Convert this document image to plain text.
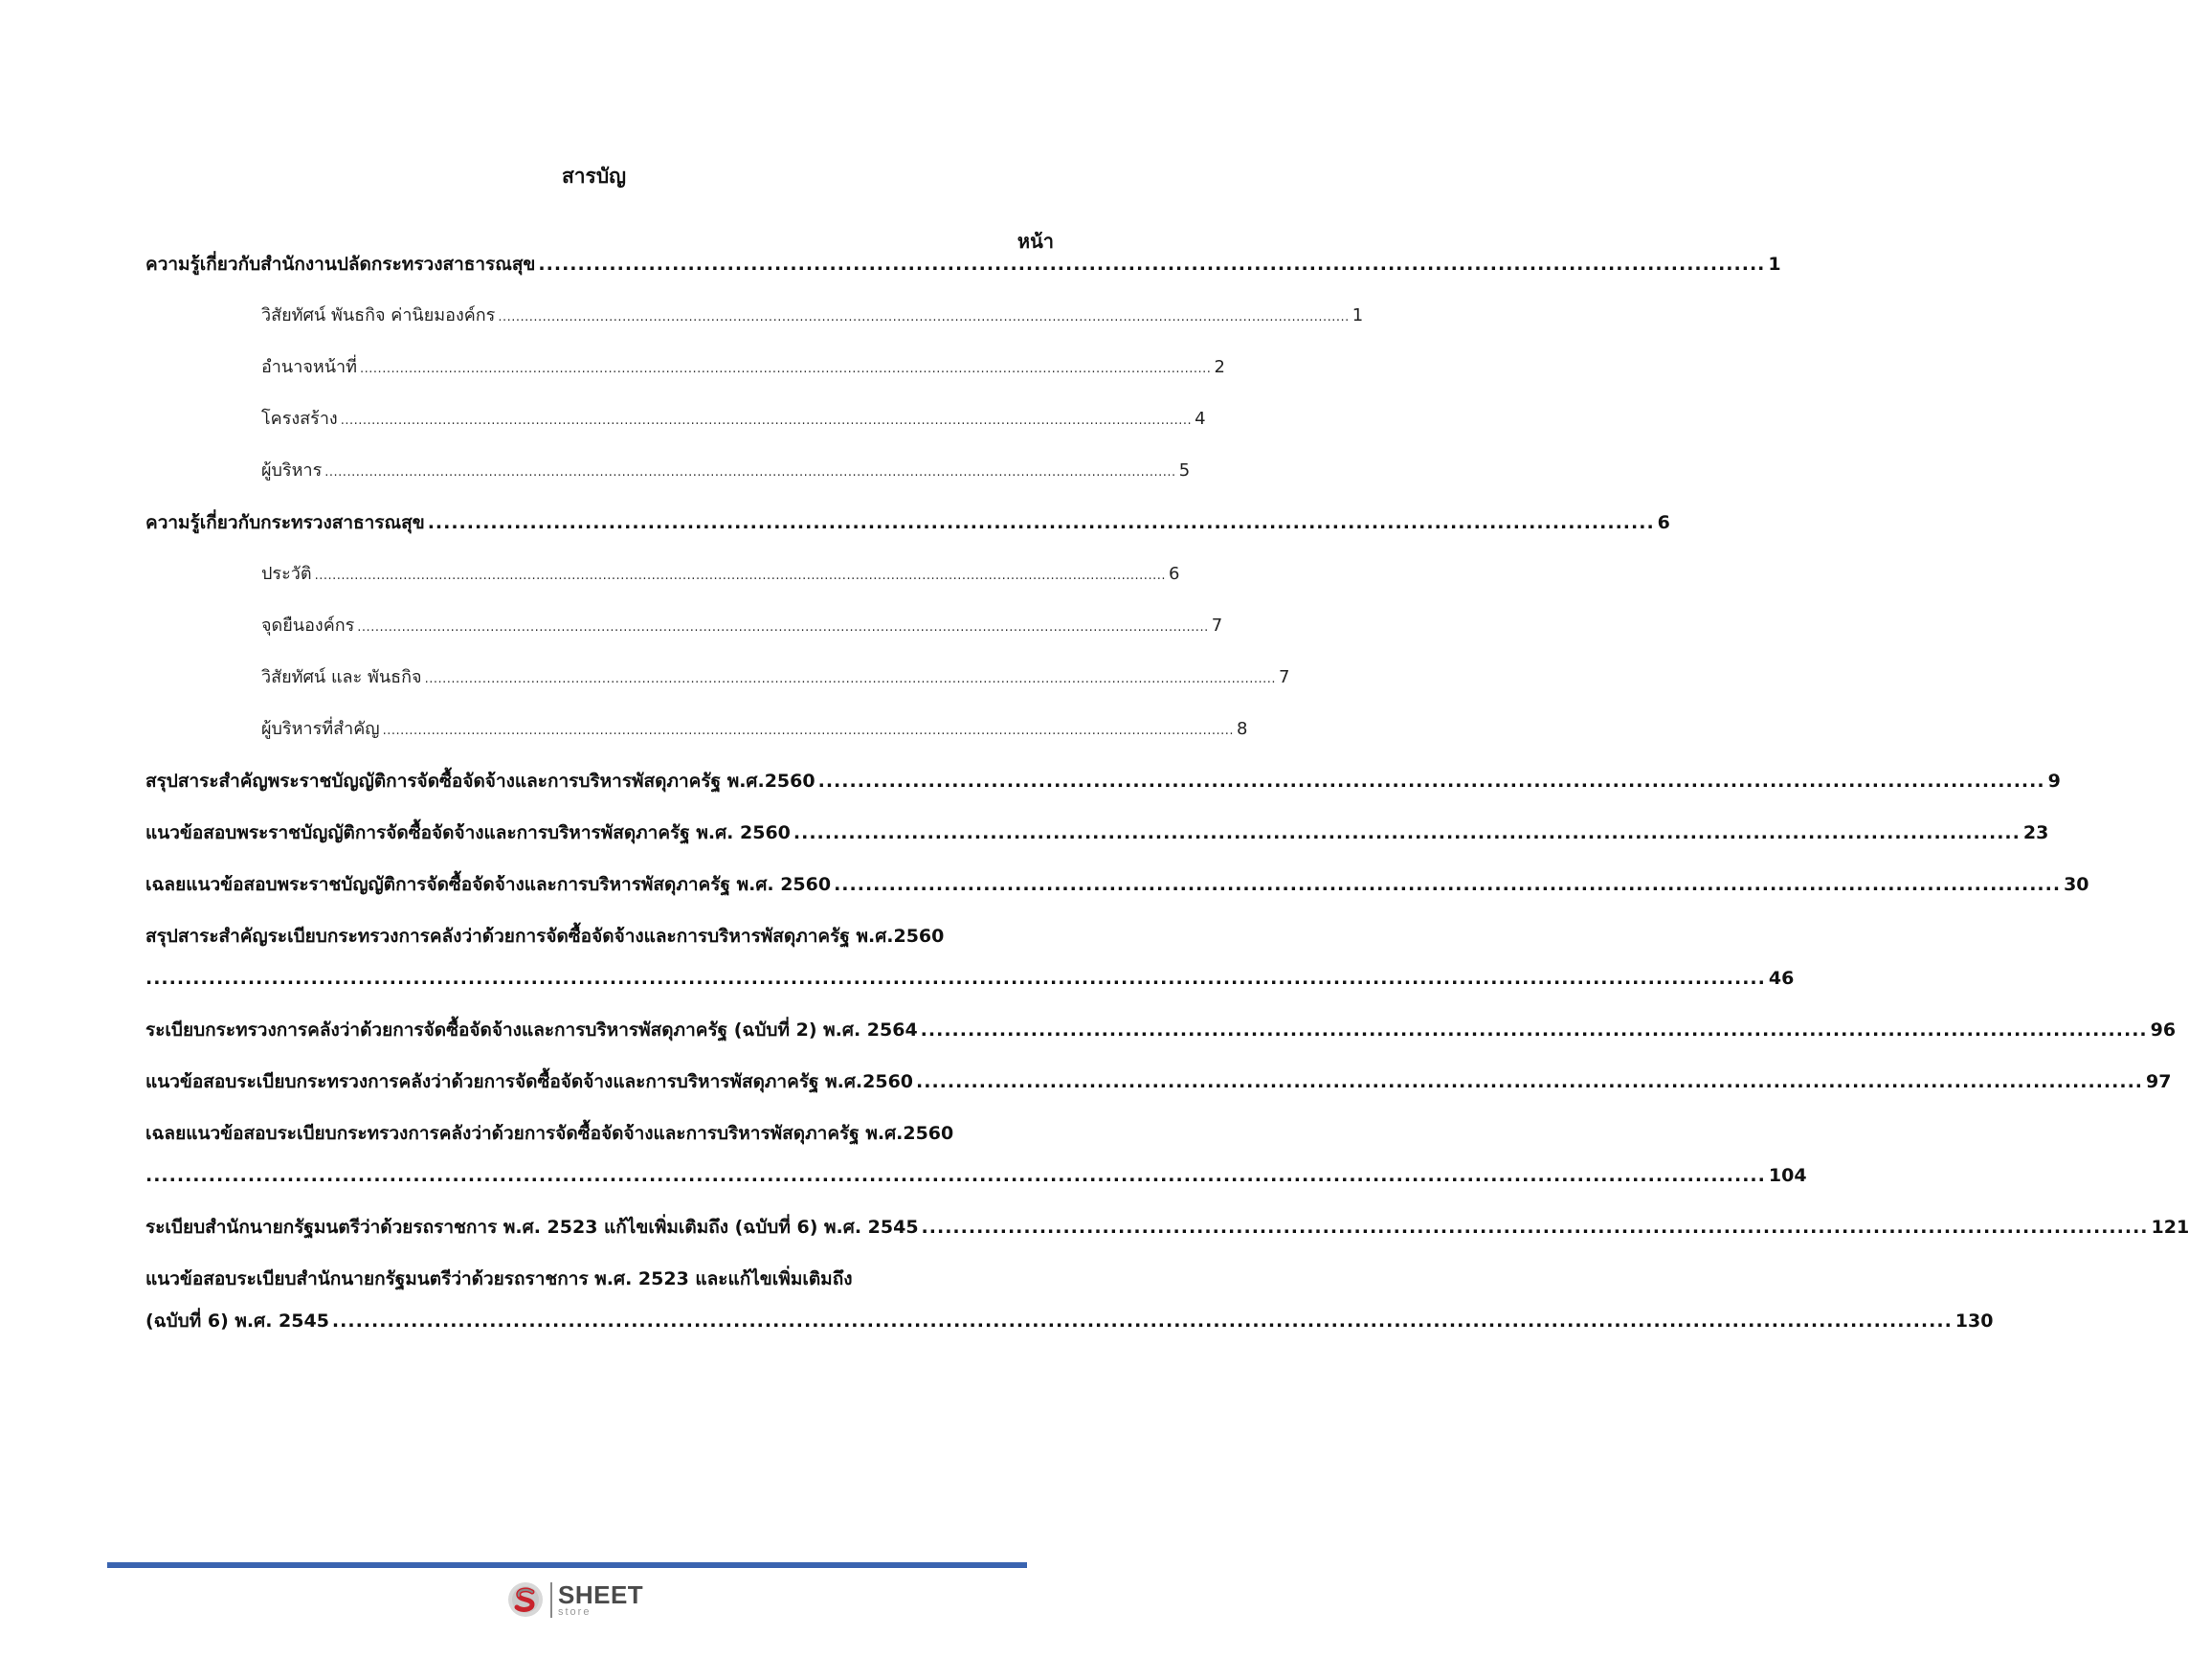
สารบัญ
หน้า
ความรู้เกี่ยวกับสำนักงานปลัดกระทรวงสาธารณสุข ............................................................................................................................................................ 1
วิสัยทัศน์ พันธกิจ ค่านิยมองค์กร ................................................................................................................................................................................................ 1
อำนาจหน้าที่ ................................................................................................................................................................................................ 2
โครงสร้าง ................................................................................................................................................................................................ 4
ผู้บริหาร ................................................................................................................................................................................................ 5
ความรู้เกี่ยวกับกระทรวงสาธารณสุข ............................................................................................................................................................ 6
ประวัติ ................................................................................................................................................................................................ 6
จุดยืนองค์กร ................................................................................................................................................................................................ 7
วิสัยทัศน์ และ พันธกิจ ................................................................................................................................................................................................ 7
ผู้บริหารที่สำคัญ ................................................................................................................................................................................................ 8
สรุปสาระสำคัญพระราชบัญญัติการจัดซื้อจัดจ้างและการบริหารพัสดุภาครัฐ พ.ศ.2560 ............................................................................................................................................................ 9
แนวข้อสอบพระราชบัญญัติการจัดซื้อจัดจ้างและการบริหารพัสดุภาครัฐ พ.ศ. 2560 ............................................................................................................................................................ 23
เฉลยแนวข้อสอบพระราชบัญญัติการจัดซื้อจัดจ้างและการบริหารพัสดุภาครัฐ พ.ศ. 2560 ............................................................................................................................................................ 30
สรุปสาระสำคัญระเบียบกระทรวงการคลังว่าด้วยการจัดซื้อจัดจ้างและการบริหารพัสดุภาครัฐ พ.ศ.2560
.............................................................................................................................................................................................................. 46
ระเบียบกระทรวงการคลังว่าด้วยการจัดซื้อจัดจ้างและการบริหารพัสดุภาครัฐ (ฉบับที่ 2) พ.ศ. 2564 ............................................................................................................................................................ 96
แนวข้อสอบระเบียบกระทรวงการคลังว่าด้วยการจัดซื้อจัดจ้างและการบริหารพัสดุภาครัฐ พ.ศ.2560 ............................................................................................................................................................ 97
เฉลยแนวข้อสอบระเบียบกระทรวงการคลังว่าด้วยการจัดซื้อจัดจ้างและการบริหารพัสดุภาครัฐ พ.ศ.2560
.............................................................................................................................................................................................................. 104
ระเบียบสำนักนายกรัฐมนตรีว่าด้วยรถราชการ พ.ศ. 2523 แก้ไขเพิ่มเติมถึง (ฉบับที่ 6) พ.ศ. 2545 ............................................................................................................................................................ 121
แนวข้อสอบระเบียบสำนักนายกรัฐมนตรีว่าด้วยรถราชการ พ.ศ. 2523 และแก้ไขเพิ่มเติมถึง
(ฉบับที่ 6) พ.ศ. 2545 .............................................................................................................................................................................................................. 130
SHEET
store
